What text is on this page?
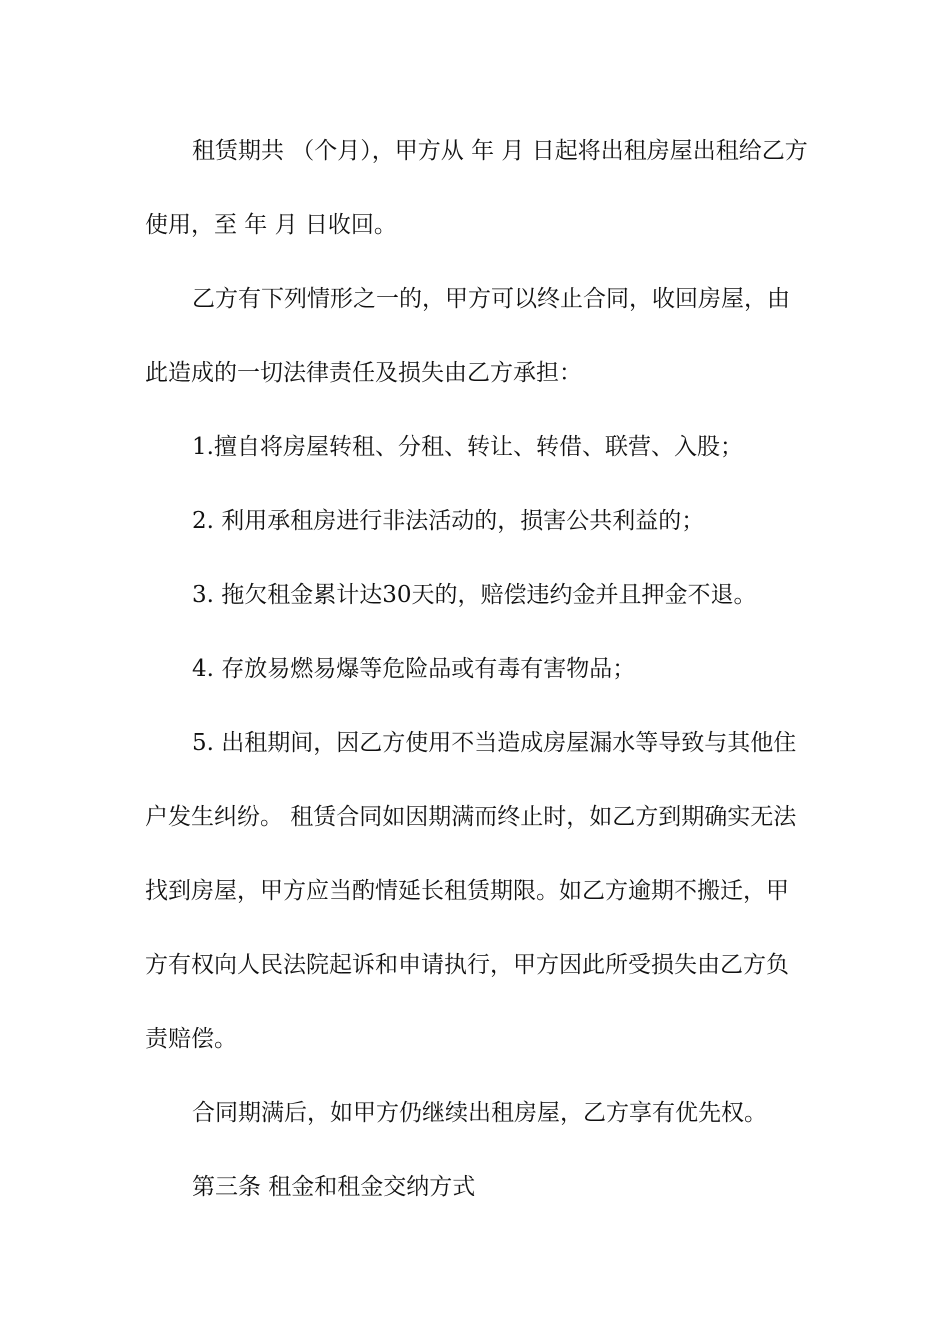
租赁期共 （个月），甲方从 年 月 日起将出租房屋出租给乙方使用，至 年 月 日收回。

乙方有下列情形之一的，甲方可以终止合同，收回房屋，由此造成的一切法律责任及损失由乙方承担：

1.擅自将房屋转租、分租、转让、转借、联营、入股；

2. 利用承租房进行非法活动的，损害公共利益的；

3. 拖欠租金累计达30天的，赔偿违约金并且押金不退。

4. 存放易燃易爆等危险品或有毒有害物品；

5. 出租期间，因乙方使用不当造成房屋漏水等导致与其他住户发生纠纷。 租赁合同如因期满而终止时，如乙方到期确实无法找到房屋，甲方应当酌情延长租赁期限。如乙方逾期不搬迁，甲方有权向人民法院起诉和申请执行，甲方因此所受损失由乙方负责赔偿。

合同期满后，如甲方仍继续出租房屋，乙方享有优先权。

第三条 租金和租金交纳方式
